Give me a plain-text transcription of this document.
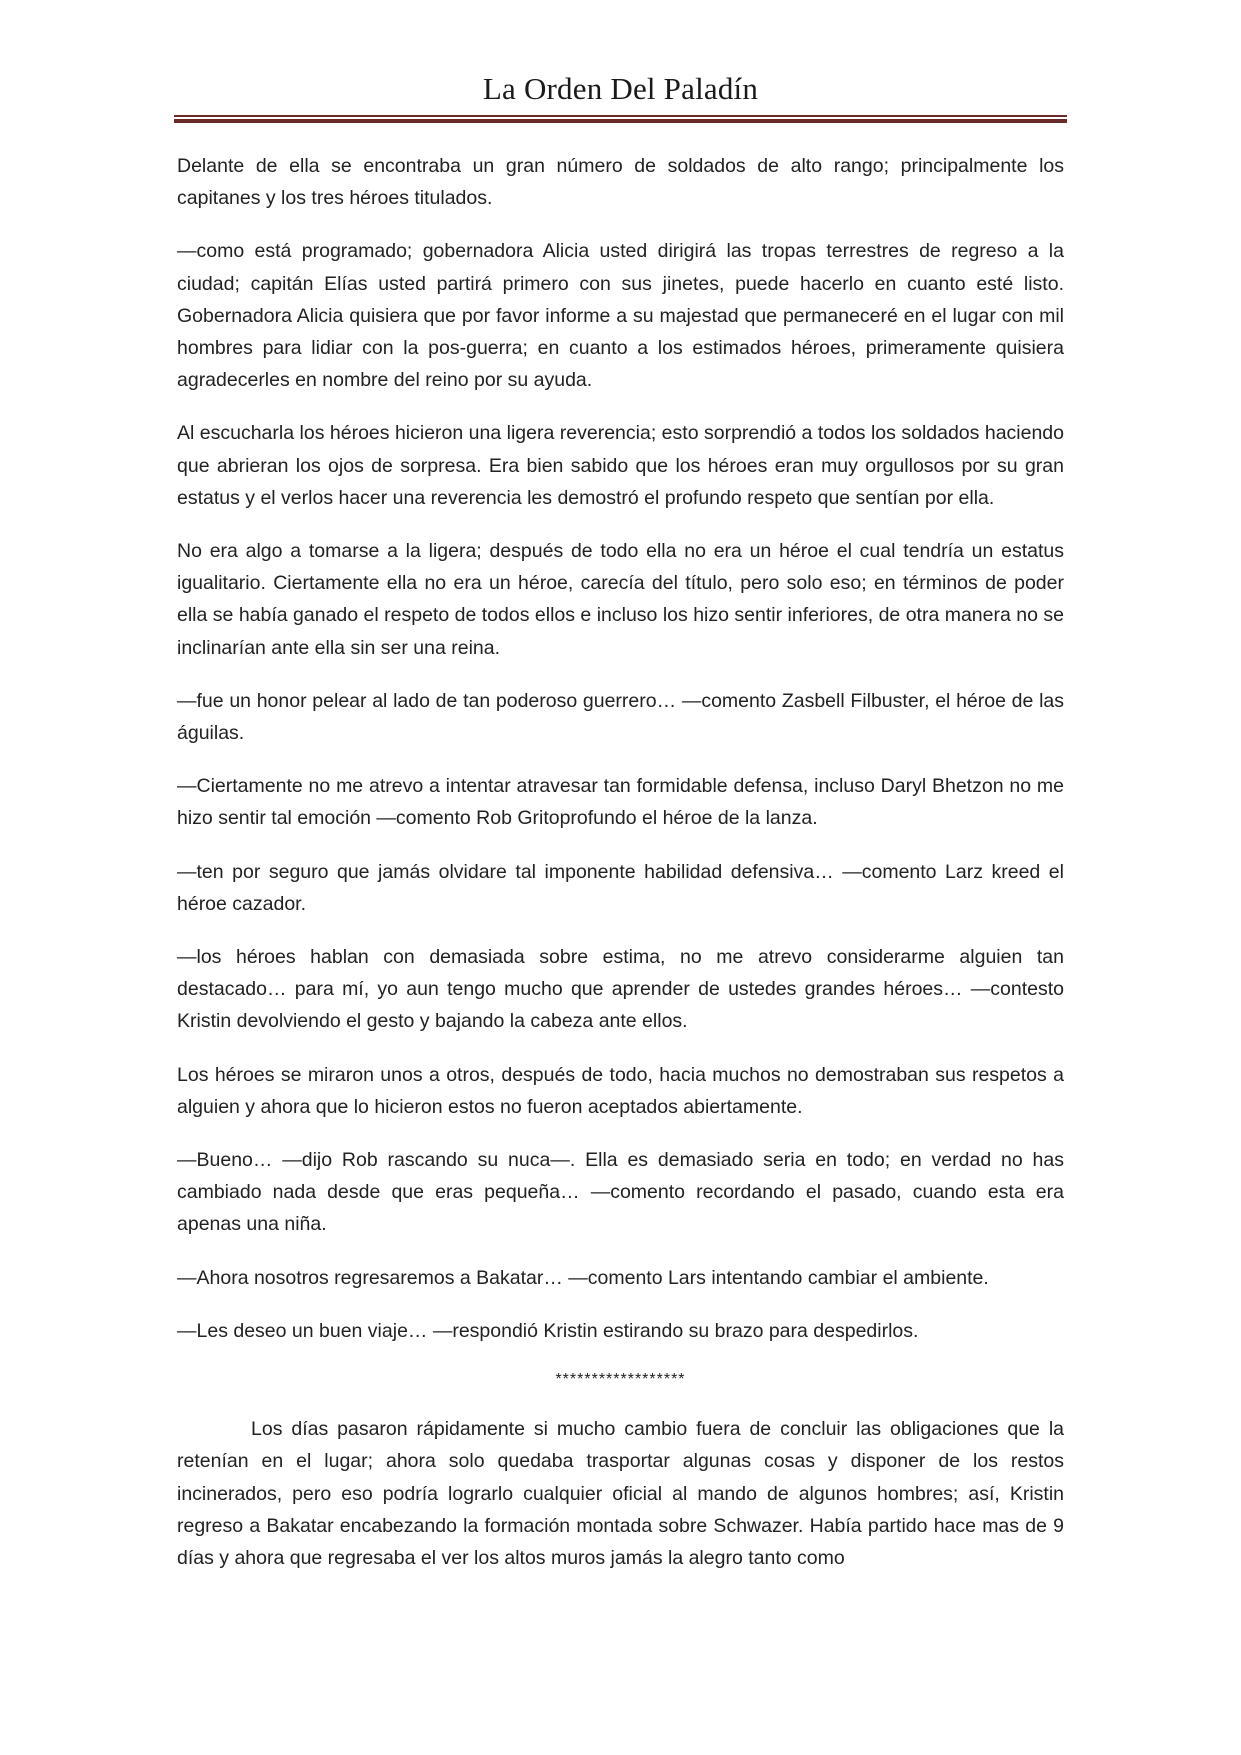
La Orden Del Paladín

Delante de ella se encontraba un gran número de soldados de alto rango; principalmente los capitanes y los tres héroes titulados.

—como está programado; gobernadora Alicia usted dirigirá las tropas terrestres de regreso a la ciudad; capitán Elías usted partirá primero con sus jinetes, puede hacerlo en cuanto esté listo. Gobernadora Alicia quisiera que por favor informe a su majestad que permaneceré en el lugar con mil hombres para lidiar con la pos-guerra; en cuanto a los estimados héroes, primeramente quisiera agradecerles en nombre del reino por su ayuda.

Al escucharla los héroes hicieron una ligera reverencia; esto sorprendió a todos los soldados haciendo que abrieran los ojos de sorpresa. Era bien sabido que los héroes eran muy orgullosos por su gran estatus y el verlos hacer una reverencia les demostró el profundo respeto que sentían por ella.

No era algo a tomarse a la ligera; después de todo ella no era un héroe el cual tendría un estatus igualitario. Ciertamente ella no era un héroe, carecía del título, pero solo eso; en términos de poder ella se había ganado el respeto de todos ellos e incluso los hizo sentir inferiores, de otra manera no se inclinarían ante ella sin ser una reina.

—fue un honor pelear al lado de tan poderoso guerrero… —comento Zasbell Filbuster, el héroe de las águilas.

—Ciertamente no me atrevo a intentar atravesar tan formidable defensa, incluso Daryl Bhetzon no me hizo sentir tal emoción —comento Rob Gritoprofundo el héroe de la lanza.

—ten por seguro que jamás olvidare tal imponente habilidad defensiva… —comento Larz kreed el héroe cazador.

—los héroes hablan con demasiada sobre estima, no me atrevo considerarme alguien tan destacado… para mí, yo aun tengo mucho que aprender de ustedes grandes héroes… —contesto Kristin devolviendo el gesto y bajando la cabeza ante ellos.

Los héroes se miraron unos a otros, después de todo, hacia muchos no demostraban sus respetos a alguien y ahora que lo hicieron estos no fueron aceptados abiertamente.

—Bueno… —dijo Rob rascando su nuca—. Ella es demasiado seria en todo; en verdad no has cambiado nada desde que eras pequeña… —comento recordando el pasado, cuando esta era apenas una niña.

—Ahora nosotros regresaremos a Bakatar… —comento Lars intentando cambiar el ambiente.

—Les deseo un buen viaje… —respondió Kristin estirando su brazo para despedirlos.

******************

Los días pasaron rápidamente si mucho cambio fuera de concluir las obligaciones que la retenían en el lugar; ahora solo quedaba trasportar algunas cosas y disponer de los restos incinerados, pero eso podría lograrlo cualquier oficial al mando de algunos hombres; así, Kristin regreso a Bakatar encabezando la formación montada sobre Schwazer. Había partido hace mas de 9 días y ahora que regresaba el ver los altos muros jamás la alegro tanto como
